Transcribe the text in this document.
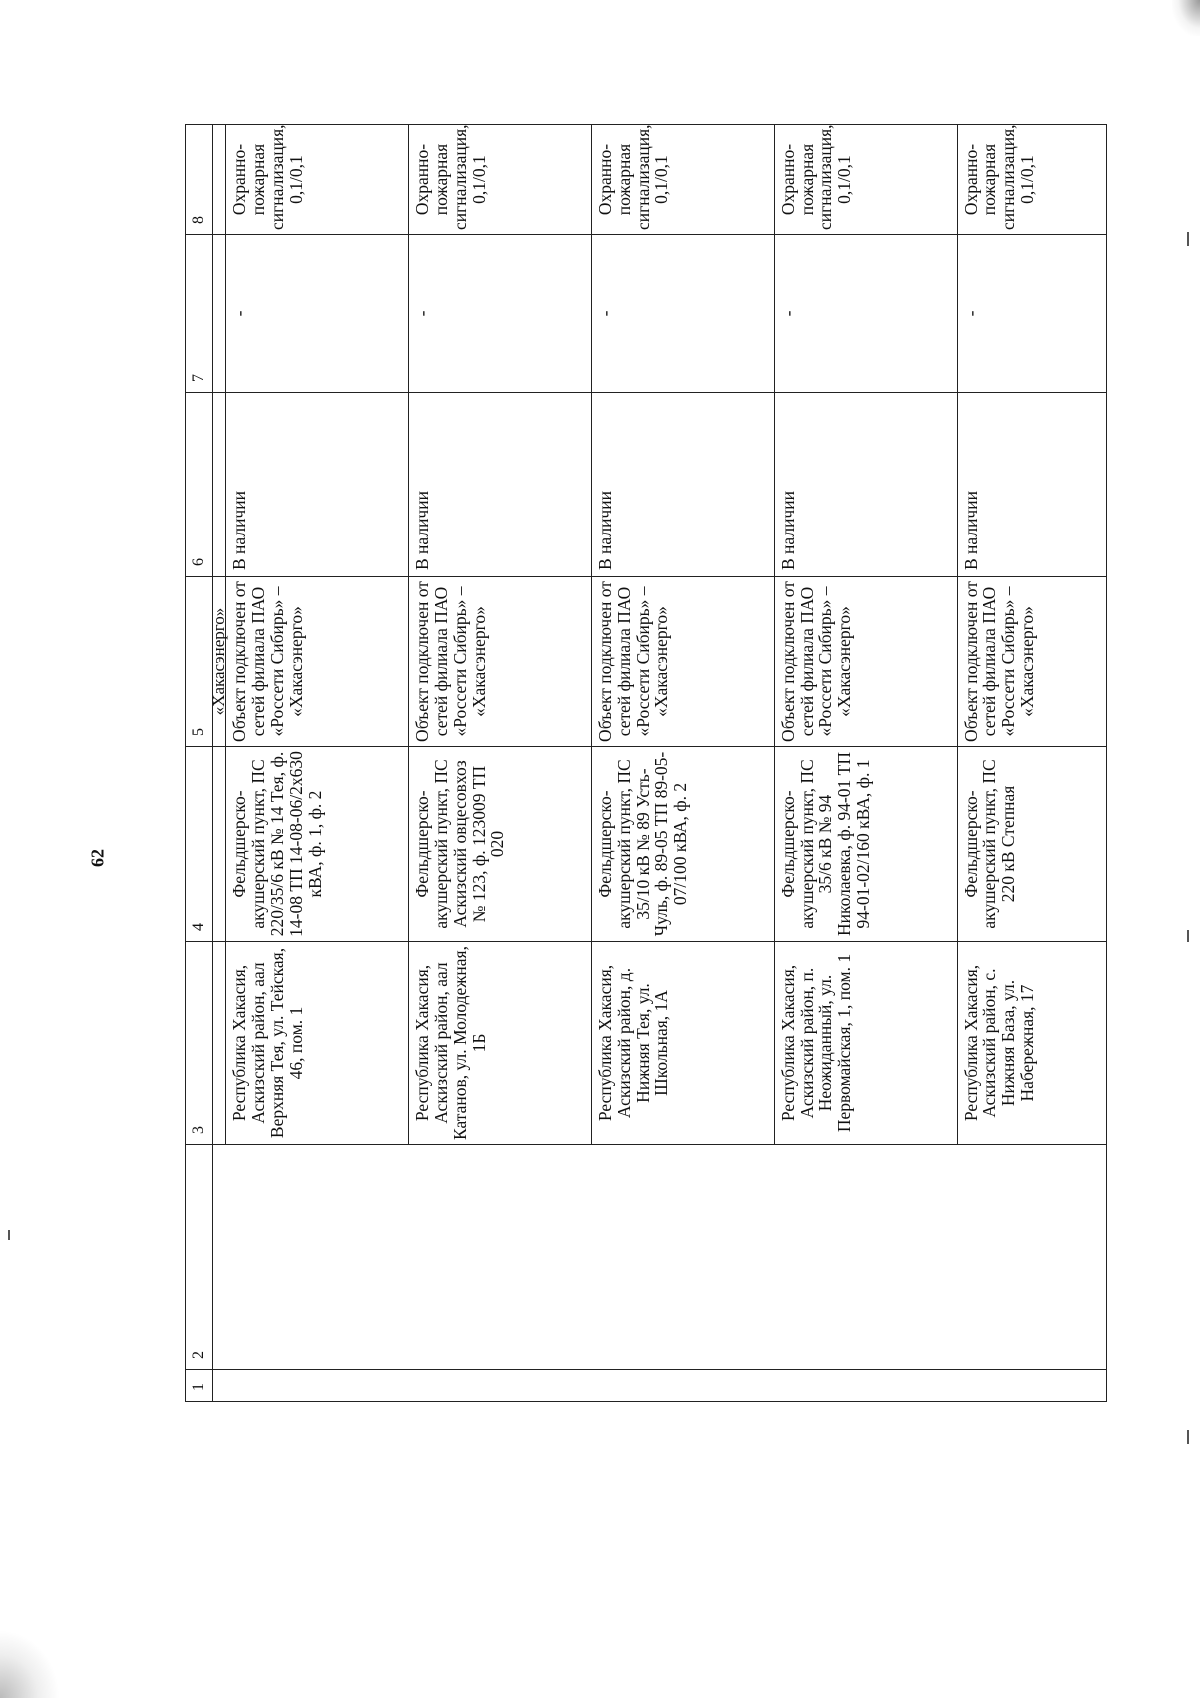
62
1	2	3	4	5	6	7	8
				«Хакасэнерго»			
		Республика Хакасия, Аскизский район, аал Верхняя Тея, ул. Тейская, 46, пом. 1	Фельдшерско-акушерский пункт, ПС 220/35/6 кВ № 14 Тея, ф. 14-08 ТП 14-08-06/2х630 кВА, ф. 1, ф. 2	Объект подключен от сетей филиала ПАО «Россети Сибирь» – «Хакасэнерго»	В наличии	-	Охранно-пожарная сигнализация, 0,1/0,1
		Республика Хакасия, Аскизский район, аал Катанов, ул. Молодежная, 1Б	Фельдшерско-акушерский пункт, ПС Аскизский овцесовхоз № 123, ф. 123009 ТП 020	Объект подключен от сетей филиала ПАО «Россети Сибирь» – «Хакасэнерго»	В наличии	-	Охранно-пожарная сигнализация, 0,1/0,1
		Республика Хакасия, Аскизский район, д. Нижняя Тея, ул. Школьная, 1А	Фельдшерско-акушерский пункт, ПС 35/10 кВ № 89 Усть-Чуль, ф. 89-05 ТП 89-05-07/100 кВА, ф. 2	Объект подключен от сетей филиала ПАО «Россети Сибирь» – «Хакасэнерго»	В наличии	-	Охранно-пожарная сигнализация, 0,1/0,1
		Республика Хакасия, Аскизский район, п. Неожиданный, ул. Первомайская, 1, пом. 1	Фельдшерско-акушерский пункт, ПС 35/6 кВ № 94 Николаевка, ф. 94-01 ТП 94-01-02/160 кВА, ф. 1	Объект подключен от сетей филиала ПАО «Россети Сибирь» – «Хакасэнерго»	В наличии	-	Охранно-пожарная сигнализация, 0,1/0,1
		Республика Хакасия, Аскизский район, с. Нижняя База, ул. Набережная, 17	Фельдшерско-акушерский пункт, ПС 220 кВ Степная	Объект подключен от сетей филиала ПАО «Россети Сибирь» – «Хакасэнерго»	В наличии	-	Охранно-пожарная сигнализация, 0,1/0,1
